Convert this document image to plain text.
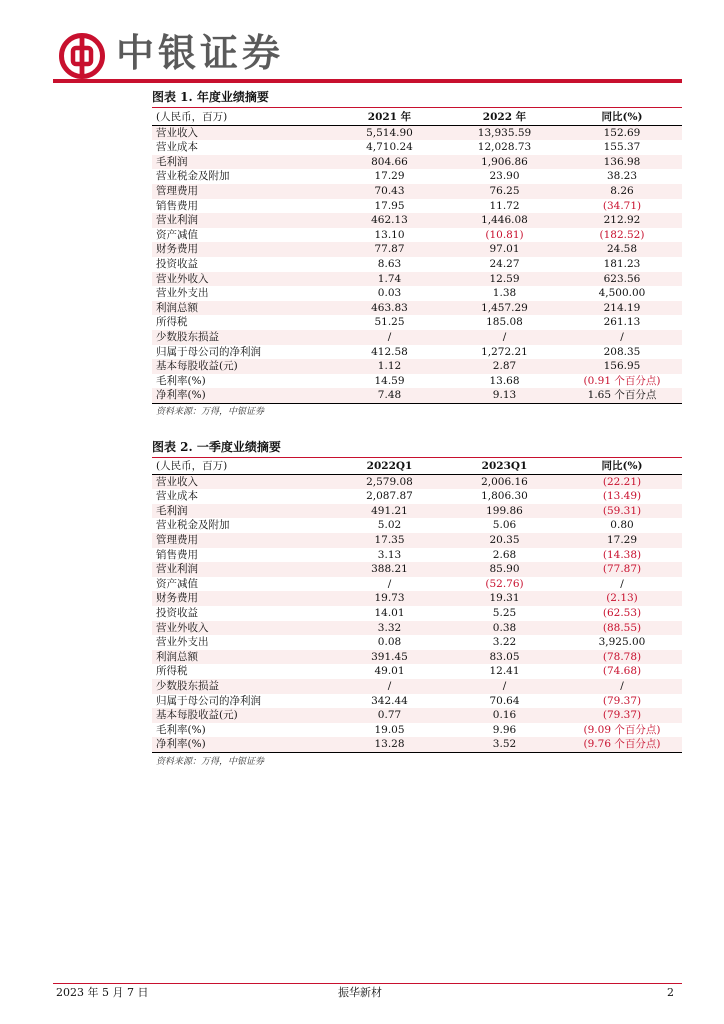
中银证券
图表 1. 年度业绩摘要
(人民币，百万)	2021 年	2022 年	同比(%)
营业收入	5,514.90	13,935.59	152.69
营业成本	4,710.24	12,028.73	155.37
毛利润	804.66	1,906.86	136.98
营业税金及附加	17.29	23.90	38.23
管理费用	70.43	76.25	8.26
销售费用	17.95	11.72	(34.71)
营业利润	462.13	1,446.08	212.92
资产减值	13.10	(10.81)	(182.52)
财务费用	77.87	97.01	24.58
投资收益	8.63	24.27	181.23
营业外收入	1.74	12.59	623.56
营业外支出	0.03	1.38	4,500.00
利润总额	463.83	1,457.29	214.19
所得税	51.25	185.08	261.13
少数股东损益	/	/	/
归属于母公司的净利润	412.58	1,272.21	208.35
基本每股收益(元)	1.12	2.87	156.95
毛利率(%)	14.59	13.68	(0.91 个百分点)
净利率(%)	7.48	9.13	1.65 个百分点
资料来源：万得，中银证券
图表 2. 一季度业绩摘要
(人民币，百万)	2022Q1	2023Q1	同比(%)
营业收入	2,579.08	2,006.16	(22.21)
营业成本	2,087.87	1,806.30	(13.49)
毛利润	491.21	199.86	(59.31)
营业税金及附加	5.02	5.06	0.80
管理费用	17.35	20.35	17.29
销售费用	3.13	2.68	(14.38)
营业利润	388.21	85.90	(77.87)
资产减值	/	(52.76)	/
财务费用	19.73	19.31	(2.13)
投资收益	14.01	5.25	(62.53)
营业外收入	3.32	0.38	(88.55)
营业外支出	0.08	3.22	3,925.00
利润总额	391.45	83.05	(78.78)
所得税	49.01	12.41	(74.68)
少数股东损益	/	/	/
归属于母公司的净利润	342.44	70.64	(79.37)
基本每股收益(元)	0.77	0.16	(79.37)
毛利率(%)	19.05	9.96	(9.09 个百分点)
净利率(%)	13.28	3.52	(9.76 个百分点)
资料来源：万得，中银证券
2023 年 5 月 7 日	振华新材	2
